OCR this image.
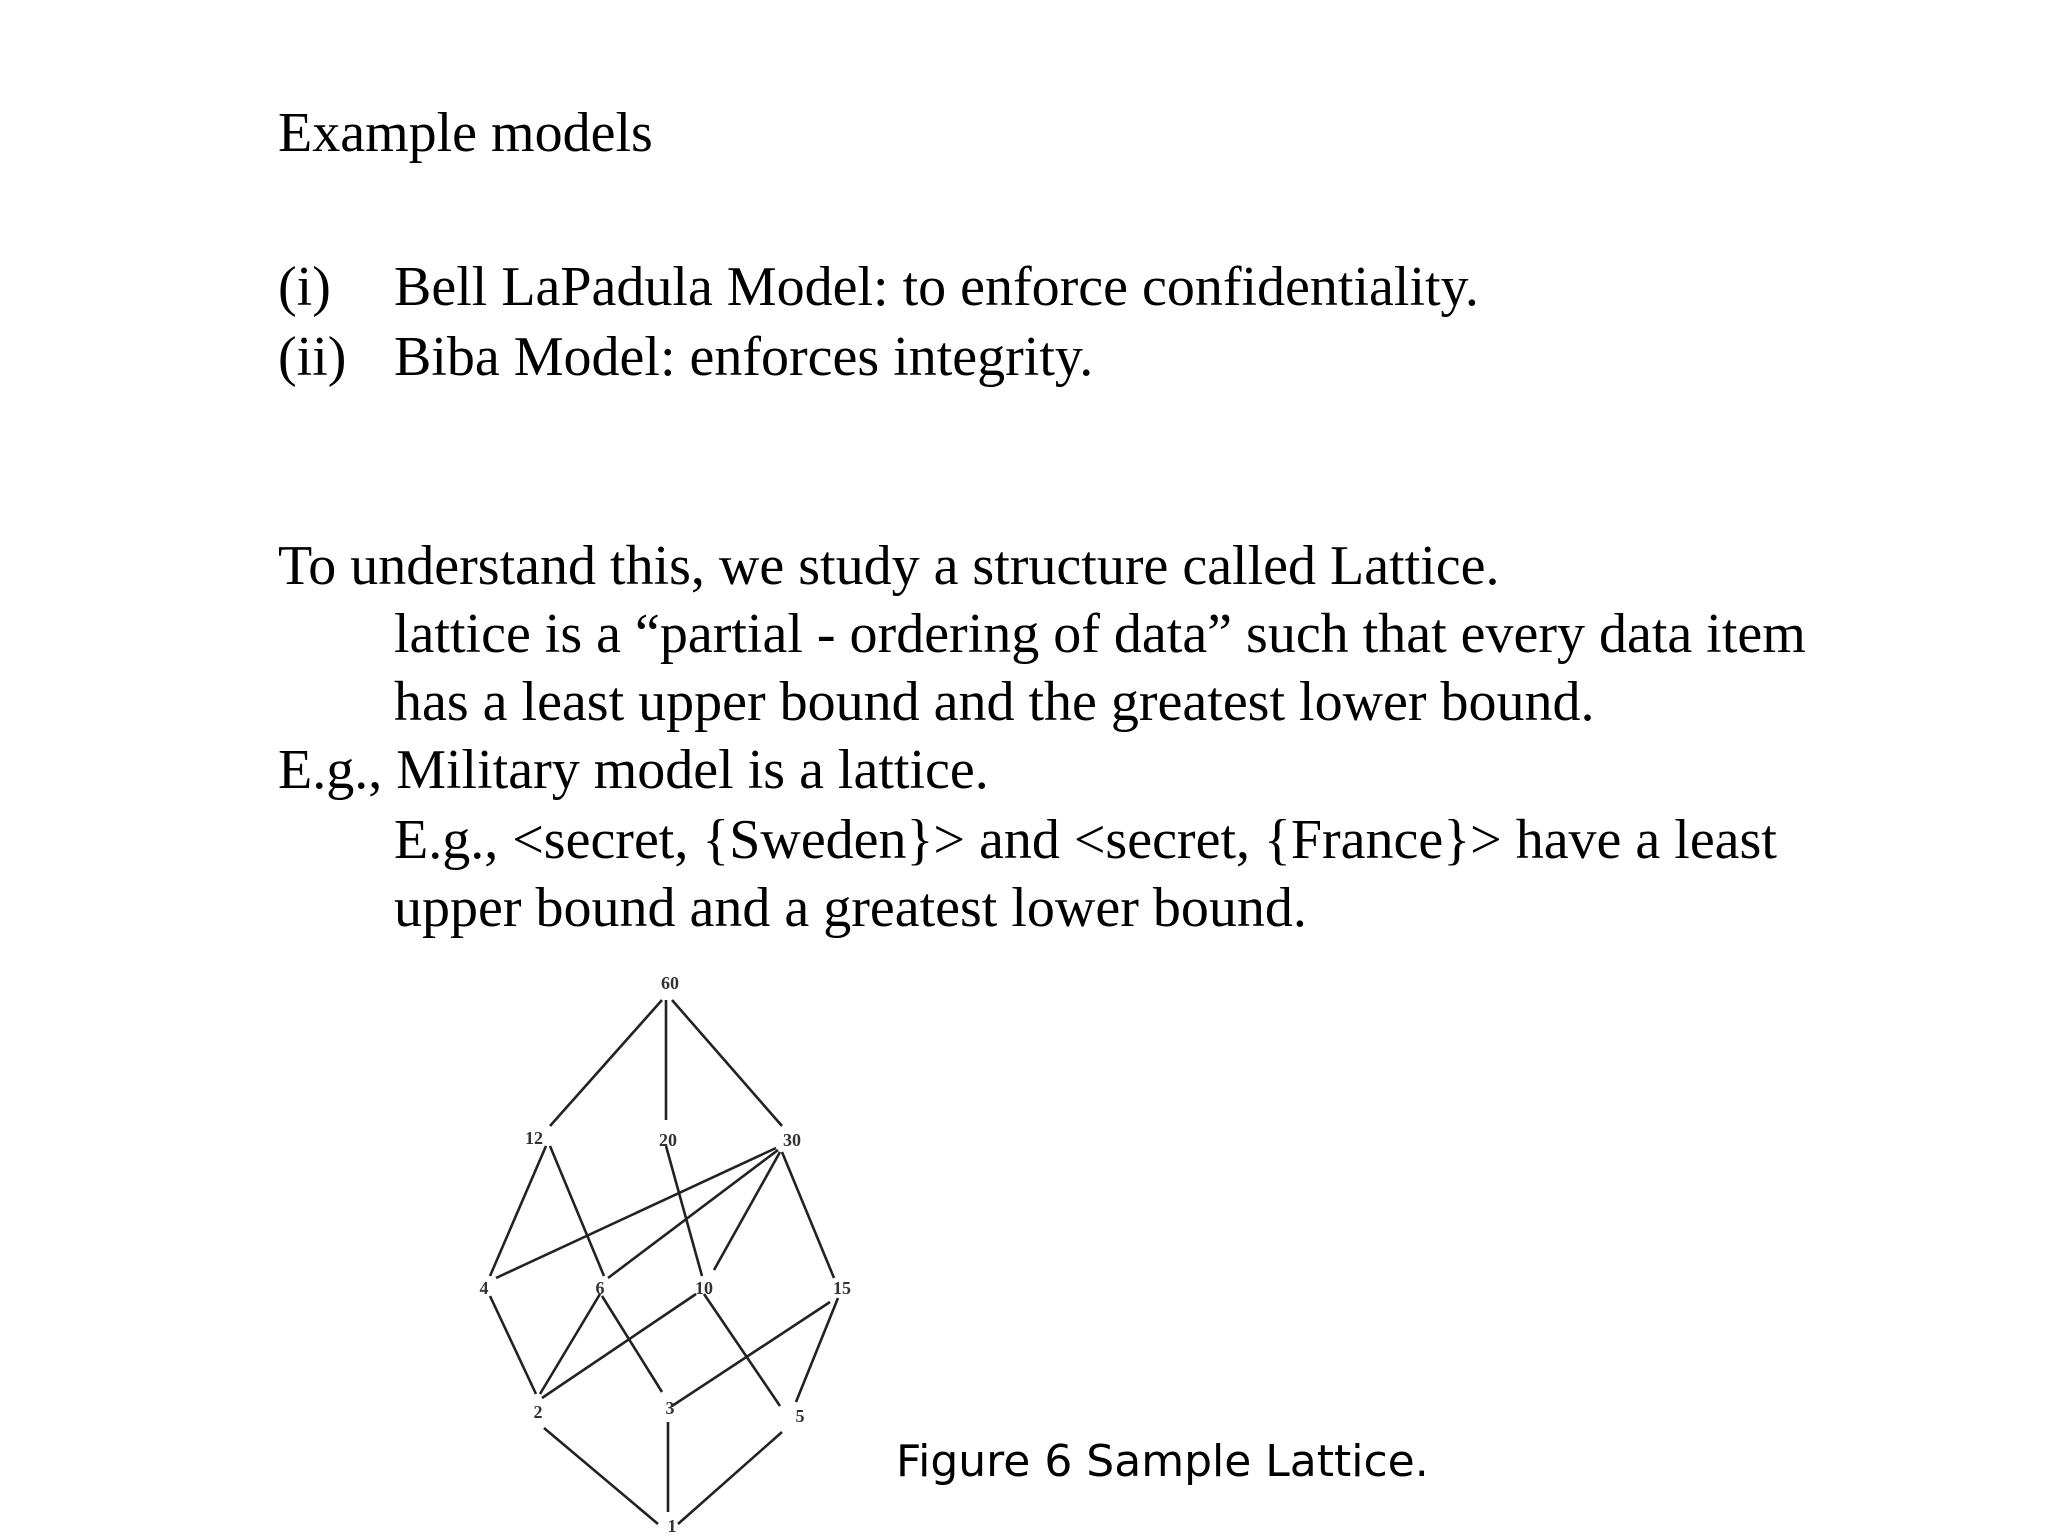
Example models
(i) Bell LaPadula Model: to enforce confidentiality.
(ii) Biba Model: enforces integrity.
To understand this, we study a structure called Lattice.
lattice is a “partial - ordering of data” such that every data item
has a least upper bound and the greatest lower bound.
E.g., Military model is a lattice.
E.g., <secret, {Sweden}> and <secret, {France}> have a least
upper bound and a greatest lower bound.
60
12	20	30
4	6	10	15
2	3	5
1
Figure 6 Sample Lattice.
